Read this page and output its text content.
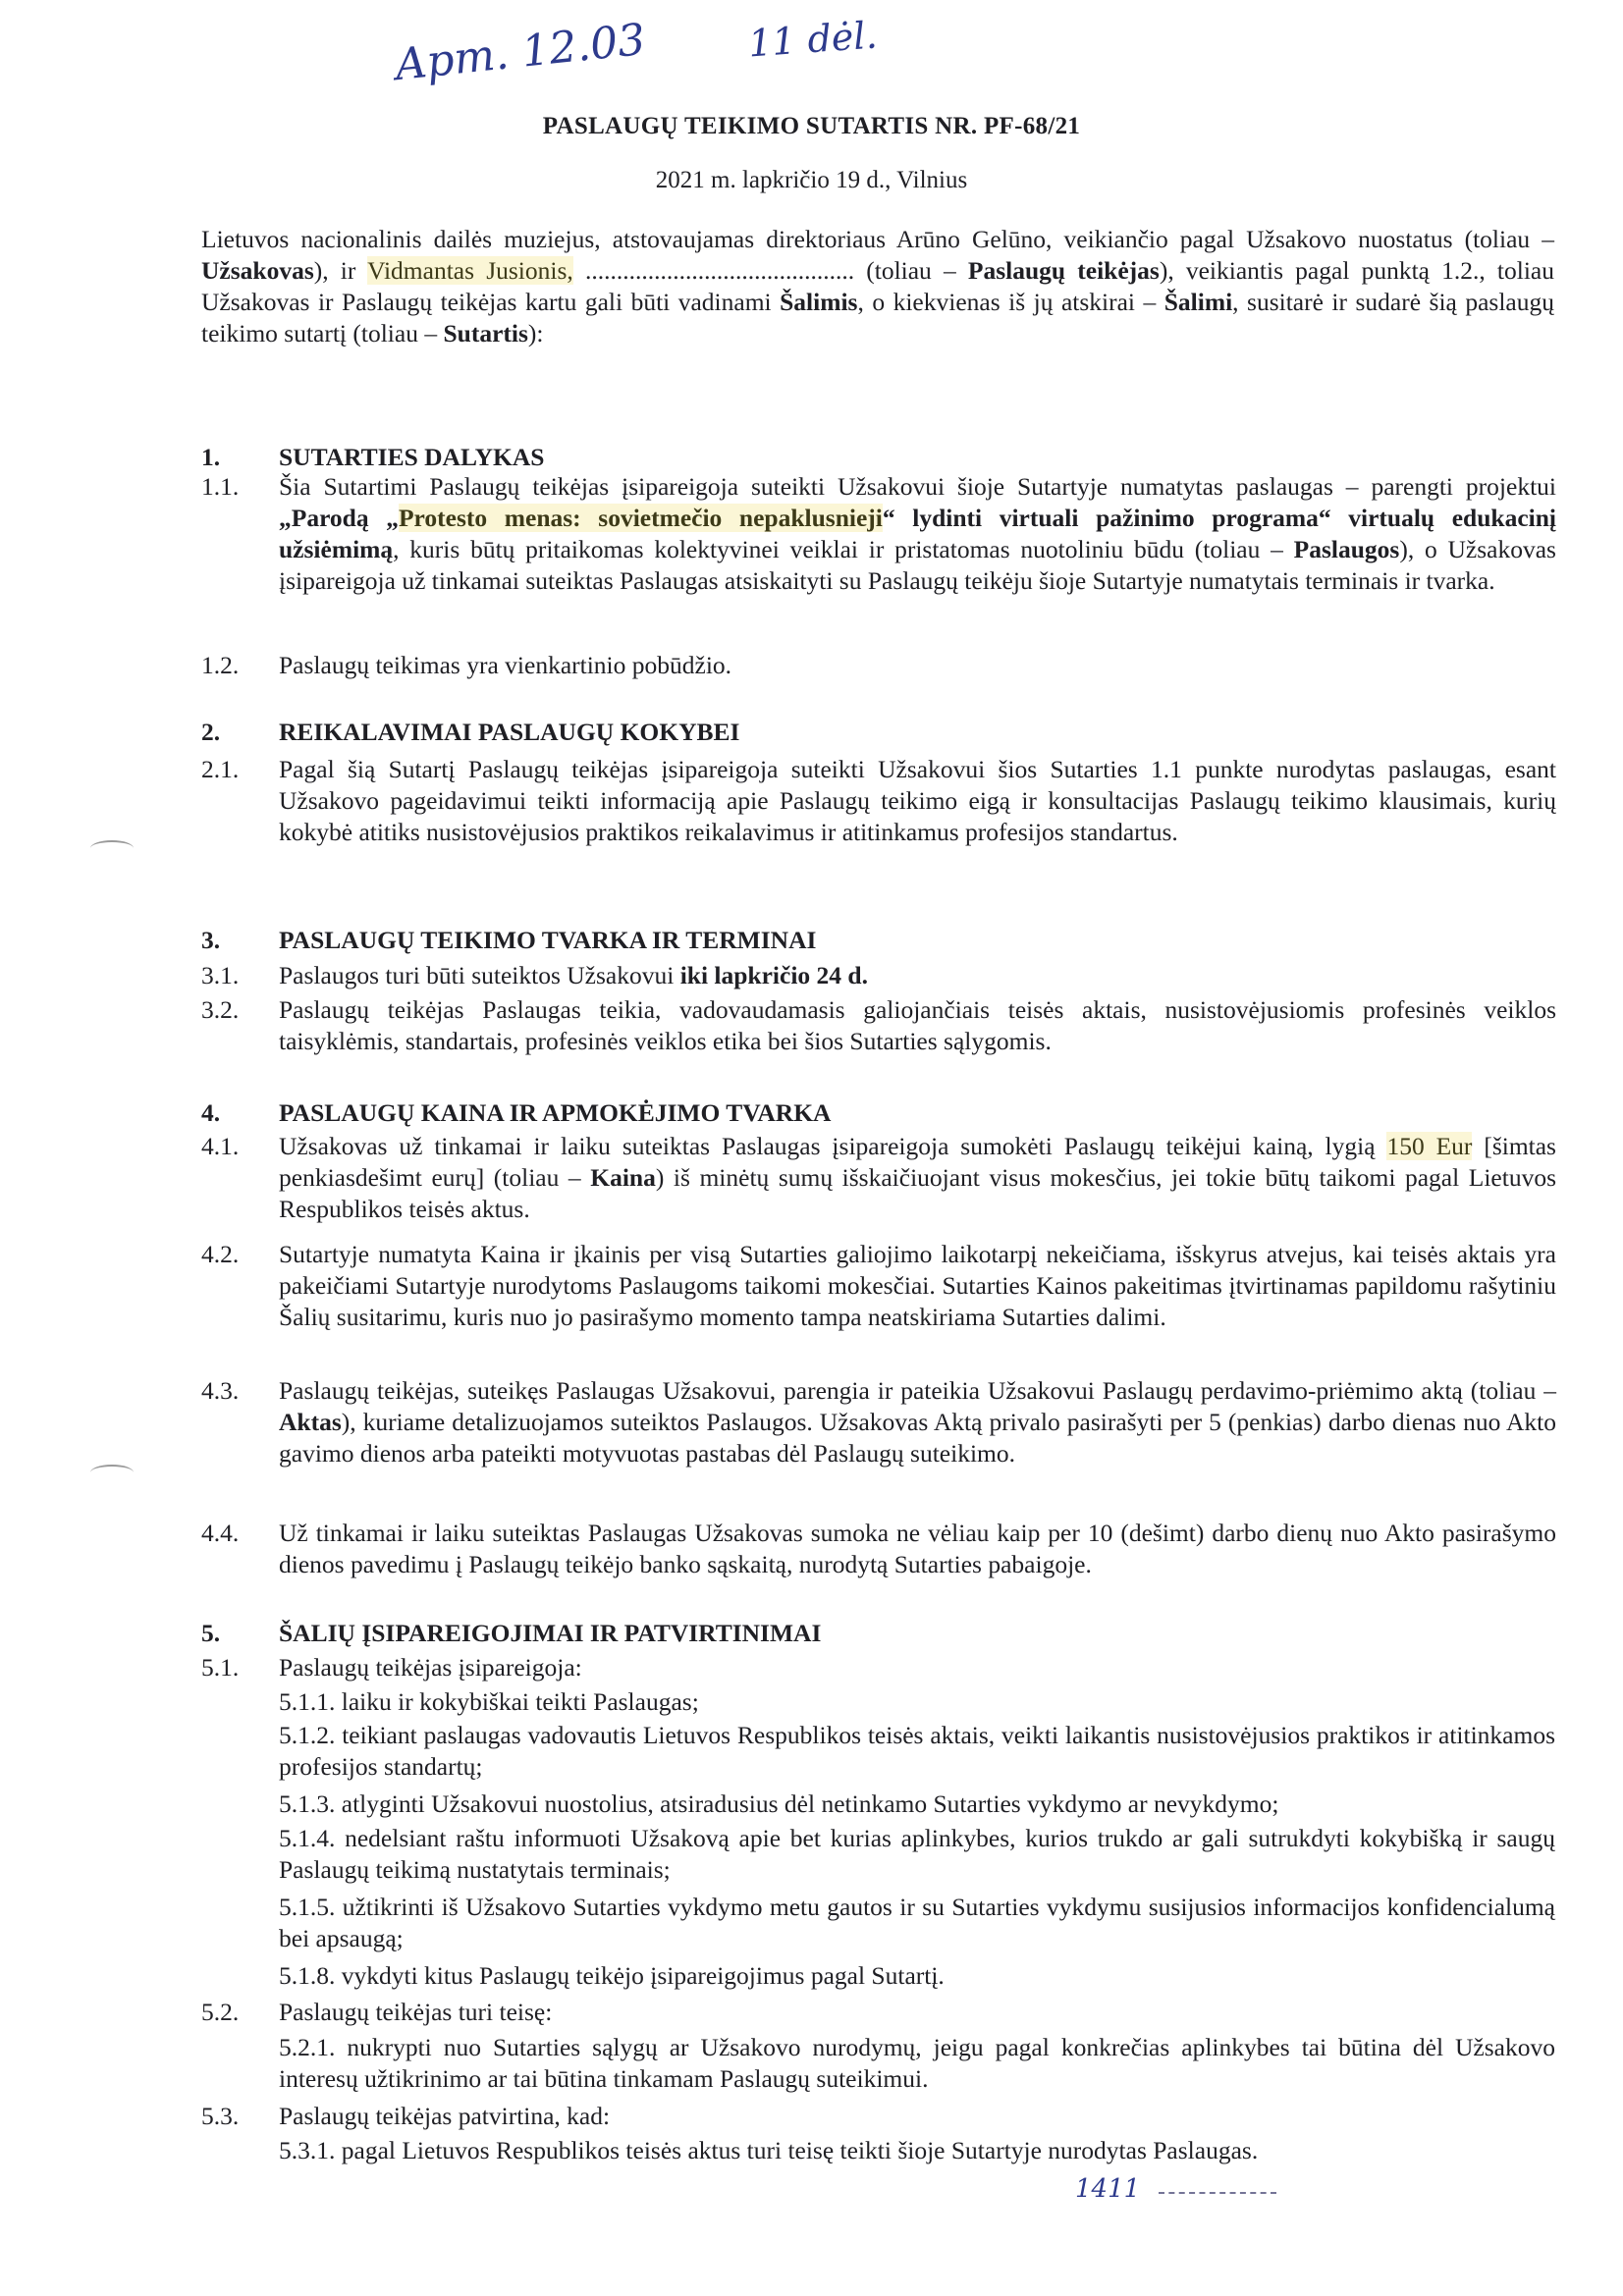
Apm. 12.03	11 dėl.
PASLAUGŲ TEIKIMO SUTARTIS NR. PF-68/21
2021 m. lapkričio 19 d., Vilnius
Lietuvos nacionalinis dailės muziejus, atstovaujamas direktoriaus Arūno Gelūno, veikiančio pagal Užsakovo nuostatus (toliau – Užsakovas), ir Vidmantas Jusionis, ........................................... (toliau – Paslaugų teikėjas), veikiantis pagal punktą 1.2., toliau Užsakovas ir Paslaugų teikėjas kartu gali būti vadinami Šalimis, o kiekvienas iš jų atskirai – Šalimi, susitarė ir sudarė šią paslaugų teikimo sutartį (toliau – Sutartis):
1.	SUTARTIES DALYKAS
1.1.	Šia Sutartimi Paslaugų teikėjas įsipareigoja suteikti Užsakovui šioje Sutartyje numatytas paslaugas – parengti projektui „Parodą „Protesto menas: sovietmečio nepaklusnieji“ lydinti virtuali pažinimo programa“ virtualų edukacinį užsiėmimą, kuris būtų pritaikomas kolektyvinei veiklai ir pristatomas nuotoliniu būdu (toliau – Paslaugos), o Užsakovas įsipareigoja už tinkamai suteiktas Paslaugas atsiskaityti su Paslaugų teikėju šioje Sutartyje numatytais terminais ir tvarka.
1.2.	Paslaugų teikimas yra vienkartinio pobūdžio.
2.	REIKALAVIMAI PASLAUGŲ KOKYBEI
2.1.	Pagal šią Sutartį Paslaugų teikėjas įsipareigoja suteikti Užsakovui šios Sutarties 1.1 punkte nurodytas paslaugas, esant Užsakovo pageidavimui teikti informaciją apie Paslaugų teikimo eigą ir konsultacijas Paslaugų teikimo klausimais, kurių kokybė atitiks nusistovėjusios praktikos reikalavimus ir atitinkamus profesijos standartus.
3.	PASLAUGŲ TEIKIMO TVARKA IR TERMINAI
3.1.	Paslaugos turi būti suteiktos Užsakovui iki lapkričio 24 d.
3.2.	Paslaugų teikėjas Paslaugas teikia, vadovaudamasis galiojančiais teisės aktais, nusistovėjusiomis profesinės veiklos taisyklėmis, standartais, profesinės veiklos etika bei šios Sutarties sąlygomis.
4.	PASLAUGŲ KAINA IR APMOKĖJIMO TVARKA
4.1.	Užsakovas už tinkamai ir laiku suteiktas Paslaugas įsipareigoja sumokėti Paslaugų teikėjui kainą, lygią 150 Eur [šimtas penkiasdešimt eurų] (toliau – Kaina) iš minėtų sumų išskaičiuojant visus mokesčius, jei tokie būtų taikomi pagal Lietuvos Respublikos teisės aktus.
4.2.	Sutartyje numatyta Kaina ir įkainis per visą Sutarties galiojimo laikotarpį nekeičiama, išskyrus atvejus, kai teisės aktais yra pakeičiami Sutartyje nurodytoms Paslaugoms taikomi mokesčiai. Sutarties Kainos pakeitimas įtvirtinamas papildomu rašytiniu Šalių susitarimu, kuris nuo jo pasirašymo momento tampa neatskiriama Sutarties dalimi.
4.3.	Paslaugų teikėjas, suteikęs Paslaugas Užsakovui, parengia ir pateikia Užsakovui Paslaugų perdavimo-priėmimo aktą (toliau – Aktas), kuriame detalizuojamos suteiktos Paslaugos. Užsakovas Aktą privalo pasirašyti per 5 (penkias) darbo dienas nuo Akto gavimo dienos arba pateikti motyvuotas pastabas dėl Paslaugų suteikimo.
4.4.	Už tinkamai ir laiku suteiktas Paslaugas Užsakovas sumoka ne vėliau kaip per 10 (dešimt) darbo dienų nuo Akto pasirašymo dienos pavedimu į Paslaugų teikėjo banko sąskaitą, nurodytą Sutarties pabaigoje.
5.	ŠALIŲ ĮSIPAREIGOJIMAI IR PATVIRTINIMAI
5.1.	Paslaugų teikėjas įsipareigoja:
5.1.1. laiku ir kokybiškai teikti Paslaugas;
5.1.2. teikiant paslaugas vadovautis Lietuvos Respublikos teisės aktais, veikti laikantis nusistovėjusios praktikos ir atitinkamos profesijos standartų;
5.1.3. atlyginti Užsakovui nuostolius, atsiradusius dėl netinkamo Sutarties vykdymo ar nevykdymo;
5.1.4. nedelsiant raštu informuoti Užsakovą apie bet kurias aplinkybes, kurios trukdo ar gali sutrukdyti kokybišką ir saugų Paslaugų teikimą nustatytais terminais;
5.1.5. užtikrinti iš Užsakovo Sutarties vykdymo metu gautos ir su Sutarties vykdymu susijusios informacijos konfidencialumą bei apsaugą;
5.1.8. vykdyti kitus Paslaugų teikėjo įsipareigojimus pagal Sutartį.
5.2.	Paslaugų teikėjas turi teisę:
5.2.1. nukrypti nuo Sutarties sąlygų ar Užsakovo nurodymų, jeigu pagal konkrečias aplinkybes tai būtina dėl Užsakovo interesų užtikrinimo ar tai būtina tinkamam Paslaugų suteikimui.
5.3.	Paslaugų teikėjas patvirtina, kad:
5.3.1. pagal Lietuvos Respublikos teisės aktus turi teisę teikti šioje Sutartyje nurodytas Paslaugas.
1411
